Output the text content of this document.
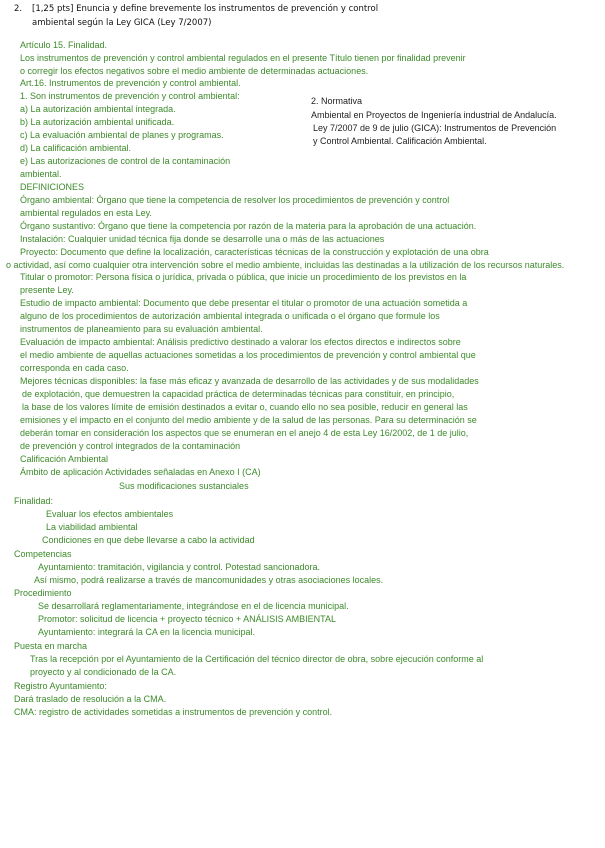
2. [1,25 pts] Enuncia y define brevemente los instrumentos de prevención y control
ambiental según la Ley GICA (Ley 7/2007)
2. Normativa
Ambiental en Proyectos de Ingeniería industrial de Andalucía.
Ley 7/2007 de 9 de julio (GICA): Instrumentos de Prevención
y Control Ambiental. Calificación Ambiental.
Artículo 15. Finalidad.
Los instrumentos de prevención y control ambiental regulados en el presente Título tienen por finalidad prevenir
o corregir los efectos negativos sobre el medio ambiente de determinadas actuaciones.
Art.16. Instrumentos de prevención y control ambiental.
1. Son instrumentos de prevención y control ambiental:
a) La autorización ambiental integrada.
b) La autorización ambiental unificada.
c) La evaluación ambiental de planes y programas.
d) La calificación ambiental.
e) Las autorizaciones de control de la contaminación
ambiental.
DEFINICIONES
Órgano ambiental: Órgano que tiene la competencia de resolver los procedimientos de prevención y control
ambiental regulados en esta Ley.
Órgano sustantivo: Órgano que tiene la competencia por razón de la materia para la aprobación de una actuación.
Instalación: Cualquier unidad técnica fija donde se desarrolle una o más de las actuaciones
Proyecto: Documento que define la localización, características técnicas de la construcción y explotación de una obra
o actividad, así como cualquier otra intervención sobre el medio ambiente, incluidas las destinadas a la utilización de los recursos naturales.
Titular o promotor: Persona física o jurídica, privada o pública, que inicie un procedimiento de los previstos en la
presente Ley.
Estudio de impacto ambiental: Documento que debe presentar el titular o promotor de una actuación sometida a
alguno de los procedimientos de autorización ambiental integrada o unificada o el órgano que formule los
instrumentos de planeamiento para su evaluación ambiental.
Evaluación de impacto ambiental: Análisis predictivo destinado a valorar los efectos directos e indirectos sobre
el medio ambiente de aquellas actuaciones sometidas a los procedimientos de prevención y control ambiental que
corresponda en cada caso.
Mejores técnicas disponibles: la fase más eficaz y avanzada de desarrollo de las actividades y de sus modalidades
de explotación, que demuestren la capacidad práctica de determinadas técnicas para constituir, en principio,
la base de los valores límite de emisión destinados a evitar o, cuando ello no sea posible, reducir en general las
emisiones y el impacto en el conjunto del medio ambiente y de la salud de las personas. Para su determinación se
deberán tomar en consideración los aspectos que se enumeran en el anejo 4 de esta Ley 16/2002, de 1 de julio,
de prevención y control integrados de la contaminación
Calificación Ambiental
Ámbito de aplicación Actividades señaladas en Anexo I (CA)
Sus modificaciones sustanciales
Finalidad:
Evaluar los efectos ambientales
La viabilidad ambiental
Condiciones en que debe llevarse a cabo la actividad
Competencias
Ayuntamiento: tramitación, vigilancia y control. Potestad sancionadora.
Así mismo, podrá realizarse a través de mancomunidades y otras asociaciones locales.
Procedimiento
Se desarrollará reglamentariamente, integrándose en el de licencia municipal.
Promotor: solicitud de licencia + proyecto técnico + ANÁLISIS AMBIENTAL
Ayuntamiento: integrará la CA en la licencia municipal.
Puesta en marcha
Tras la recepción por el Ayuntamiento de la Certificación del técnico director de obra, sobre ejecución conforme al
proyecto y al condicionado de la CA.
Registro Ayuntamiento:
Dará traslado de resolución a la CMA.
CMA: registro de actividades sometidas a instrumentos de prevención y control.
